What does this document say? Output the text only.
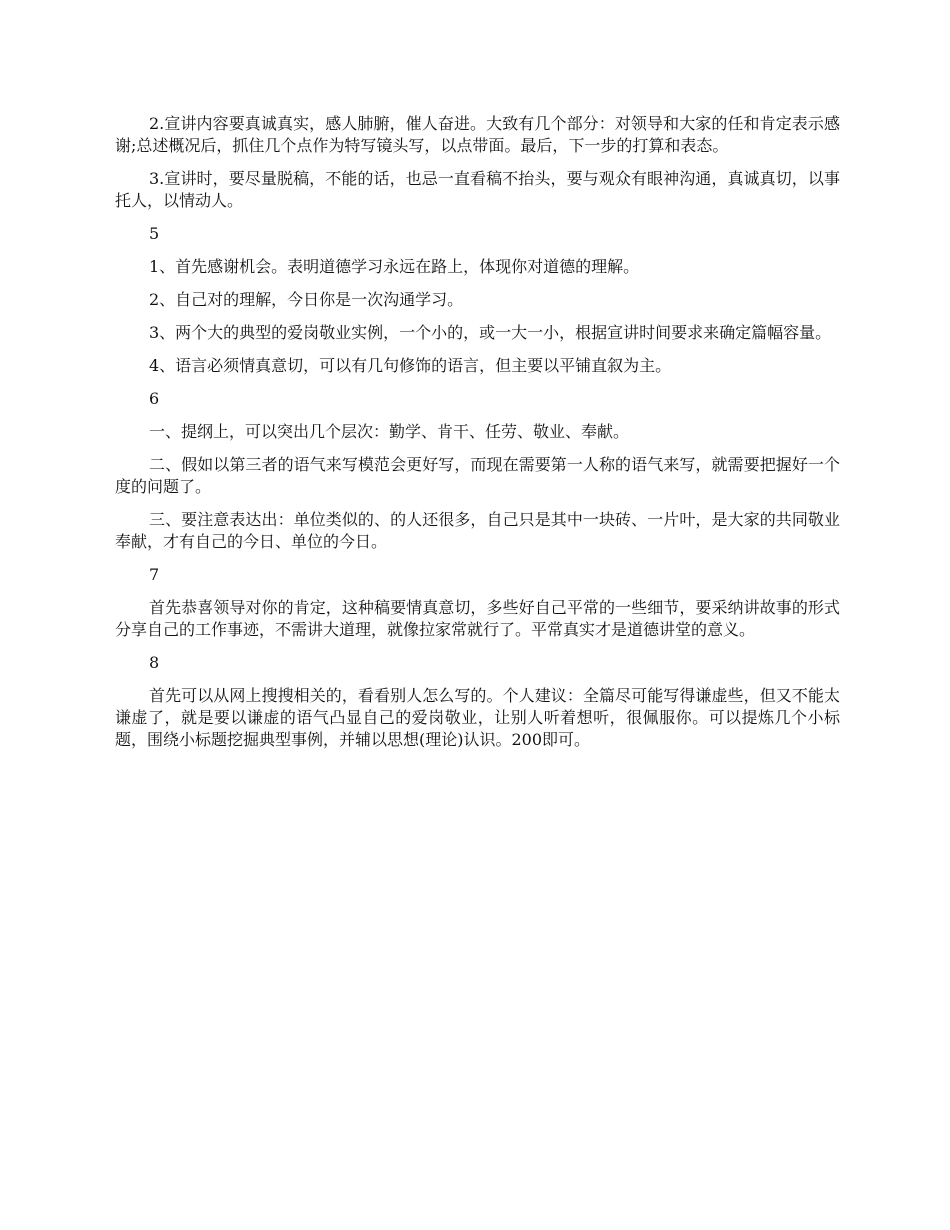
2.宣讲内容要真诚真实，感人肺腑，催人奋进。大致有几个部分：对领导和大家的任和肯定表示感谢;总述概况后，抓住几个点作为特写镜头写，以点带面。最后，下一步的打算和表态。

3.宣讲时，要尽量脱稿，不能的话，也忌一直看稿不抬头，要与观众有眼神沟通，真诚真切，以事托人，以情动人。

5

1、首先感谢机会。表明道德学习永远在路上，体现你对道德的理解。

2、自己对的理解，今日你是一次沟通学习。

3、两个大的典型的爱岗敬业实例，一个小的，或一大一小，根据宣讲时间要求来确定篇幅容量。

4、语言必须情真意切，可以有几句修饰的语言，但主要以平铺直叙为主。

6

一、提纲上，可以突出几个层次：勤学、肯干、任劳、敬业、奉献。

二、假如以第三者的语气来写模范会更好写，而现在需要第一人称的语气来写，就需要把握好一个度的问题了。

三、要注意表达出：单位类似的、的人还很多，自己只是其中一块砖、一片叶，是大家的共同敬业奉献，才有自己的今日、单位的今日。

7

首先恭喜领导对你的肯定，这种稿要情真意切，多些好自己平常的一些细节，要采纳讲故事的形式分享自己的工作事迹，不需讲大道理，就像拉家常就行了。平常真实才是道德讲堂的意义。

8

首先可以从网上搜搜相关的，看看别人怎么写的。个人建议：全篇尽可能写得谦虚些，但又不能太谦虚了，就是要以谦虚的语气凸显自己的爱岗敬业，让别人听着想听，很佩服你。可以提炼几个小标题，围绕小标题挖掘典型事例，并辅以思想(理论)认识。200即可。
